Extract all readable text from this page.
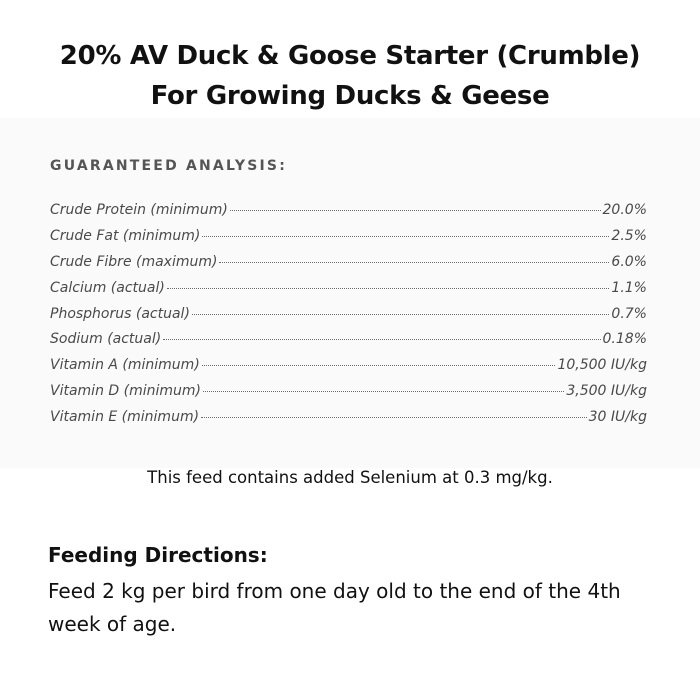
20% AV Duck & Goose Starter (Crumble)
For Growing Ducks & Geese
GUARANTEED ANALYSIS:
Crude Protein (minimum)	20.0%
Crude Fat (minimum)	2.5%
Crude Fibre (maximum)	6.0%
Calcium (actual)	1.1%
Phosphorus (actual)	0.7%
Sodium (actual)	0.18%
Vitamin A (minimum)	10,500 IU/kg
Vitamin D (minimum)	3,500 IU/kg
Vitamin E (minimum)	30 IU/kg
This feed contains added Selenium at 0.3 mg/kg.
Feeding Directions:
Feed 2 kg per bird from one day old to the end of the 4th week of age.
